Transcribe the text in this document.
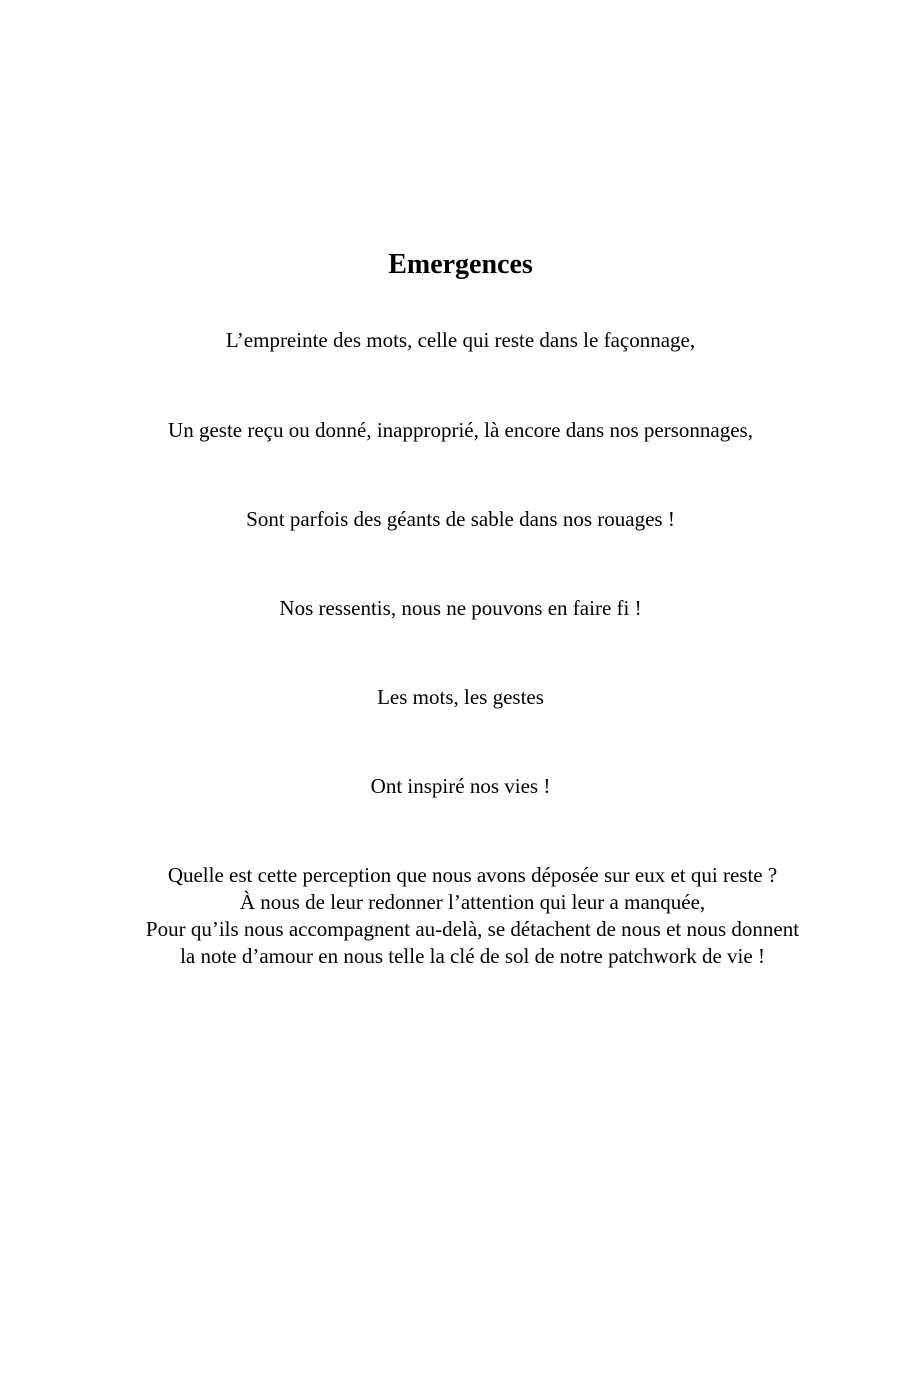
Emergences

L’empreinte des mots, celle qui reste dans le façonnage,

Un geste reçu ou donné, inapproprié, là encore dans nos personnages,

Sont parfois des géants de sable dans nos rouages !

Nos ressentis, nous ne pouvons en faire fi !

Les mots, les gestes

Ont inspiré nos vies !

Quelle est cette perception que nous avons déposée sur eux et qui reste ?
À nous de leur redonner l’attention qui leur a manquée,
Pour qu’ils nous accompagnent au-delà, se détachent de nous et nous donnent la note d’amour en nous telle la clé de sol de notre patchwork de vie !
